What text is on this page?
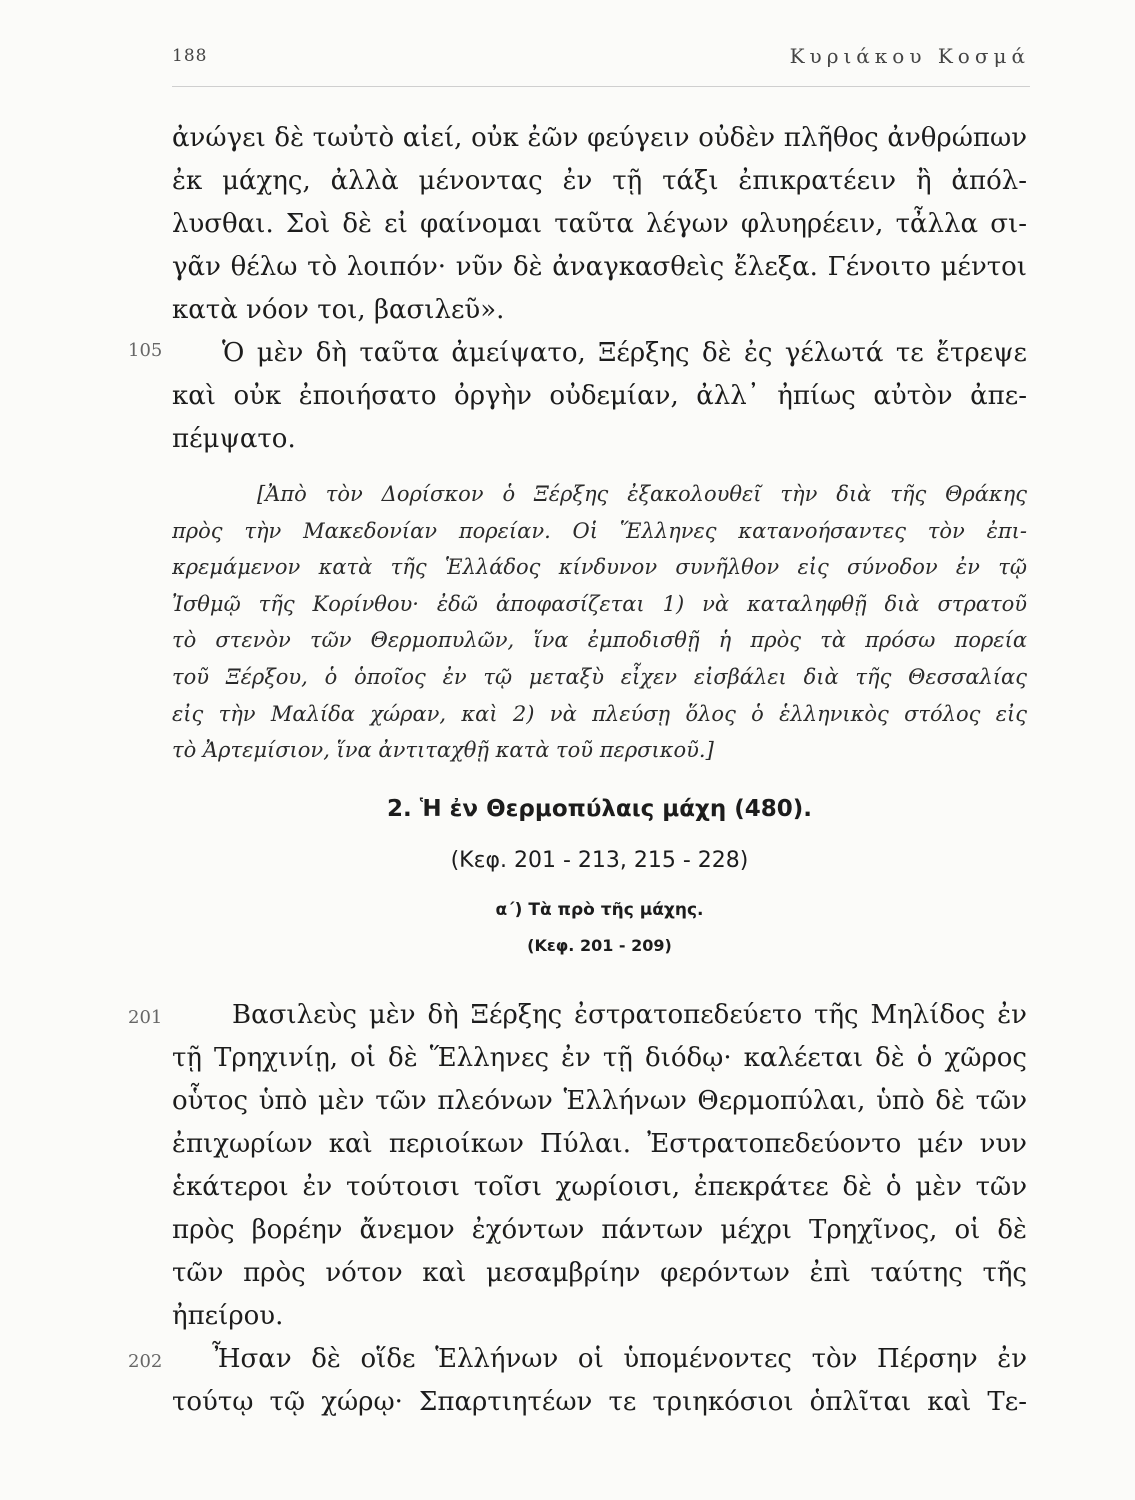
188	Κυριάκου Κοσμά
ἀνώγει δὲ τωὐτὸ αἰεί, οὐκ ἐῶν φεύγειν οὐδὲν πλῆθος ἀνθρώπων
ἐκ μάχης, ἀλλὰ μένοντας ἐν τῇ τάξι ἐπικρατέειν ἢ ἀπόλ-
λυσθαι. Σοὶ δὲ εἰ φαίνομαι ταῦτα λέγων φλυηρέειν, τἆλλα σι-
γᾶν θέλω τὸ λοιπόν· νῦν δὲ ἀναγκασθεὶς ἔλεξα. Γένοιτο μέντοι
κατὰ νόον τοι, βασιλεῦ».
Ὁ μὲν δὴ ταῦτα ἀμείψατο, Ξέρξης δὲ ἐς γέλωτά τε ἔτρεψε
καὶ οὐκ ἐποιήσατο ὀργὴν οὐδεμίαν, ἀλλ᾽ ἠπίως αὐτὸν ἀπε-
πέμψατο.
105
[Ἀπὸ τὸν Δορίσκον ὁ Ξέρξης ἐξακολουθεῖ τὴν διὰ τῆς Θράκης
πρὸς τὴν Μακεδονίαν πορείαν. Οἱ Ἕλληνες κατανοήσαντες τὸν ἐπι-
κρεμάμενον κατὰ τῆς Ἑλλάδος κίνδυνον συνῆλθον εἰς σύνοδον ἐν τῷ
Ἰσθμῷ τῆς Κορίνθου· ἐδῶ ἀποφασίζεται 1) νὰ καταληφθῇ διὰ στρατοῦ
τὸ στενὸν τῶν Θερμοπυλῶν, ἵνα ἐμποδισθῇ ἡ πρὸς τὰ πρόσω πορεία
τοῦ Ξέρξου, ὁ ὁποῖος ἐν τῷ μεταξὺ εἶχεν εἰσβάλει διὰ τῆς Θεσσαλίας
εἰς τὴν Μαλίδα χώραν, καὶ 2) νὰ πλεύσῃ ὅλος ὁ ἑλληνικὸς στόλος εἰς
τὸ Ἀρτεμίσιον, ἵνα ἀντιταχθῇ κατὰ τοῦ περσικοῦ.]
2. Ἡ ἐν Θερμοπύλαις μάχη (480).
(Κεφ. 201 - 213, 215 - 228)
α΄) Τὰ πρὸ τῆς μάχης.
(Κεφ. 201 - 209)
Βασιλεὺς μὲν δὴ Ξέρξης ἐστρατοπεδεύετο τῆς Μηλίδος ἐν
τῇ Τρηχινίῃ, οἱ δὲ Ἕλληνες ἐν τῇ διόδῳ· καλέεται δὲ ὁ χῶρος
οὗτος ὑπὸ μὲν τῶν πλεόνων Ἑλλήνων Θερμοπύλαι, ὑπὸ δὲ τῶν
ἐπιχωρίων καὶ περιοίκων Πύλαι. Ἐστρατοπεδεύοντο μέν νυν
ἑκάτεροι ἐν τούτοισι τοῖσι χωρίοισι, ἐπεκράτεε δὲ ὁ μὲν τῶν
πρὸς βορέην ἄνεμον ἐχόντων πάντων μέχρι Τρηχῖνος, οἱ δὲ
τῶν πρὸς νότον καὶ μεσαμβρίην φερόντων ἐπὶ ταύτης τῆς
ἠπείρου.
201
Ἦσαν δὲ οἵδε Ἑλλήνων οἱ ὑπομένοντες τὸν Πέρσην ἐν
τούτῳ τῷ χώρῳ· Σπαρτιητέων τε τριηκόσιοι ὁπλῖται καὶ Τε-
202
